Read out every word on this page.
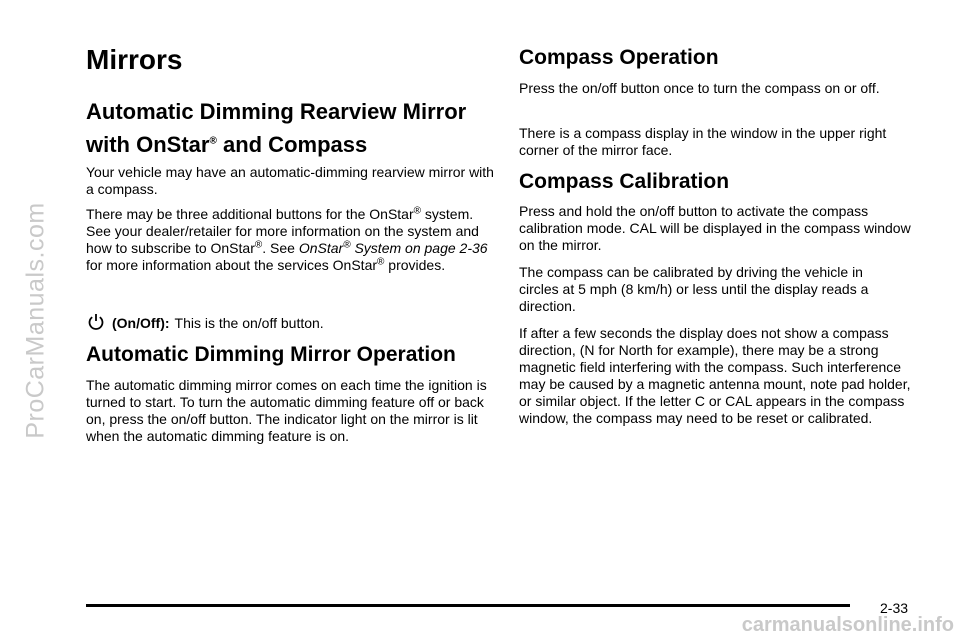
ProCarManuals.com
Mirrors
Automatic Dimming Rearview Mirror with OnStar® and Compass

Your vehicle may have an automatic-dimming rearview mirror with a compass.

There may be three additional buttons for the OnStar® system. See your dealer/retailer for more information on the system and how to subscribe to OnStar®. See OnStar® System on page 2-36 for more information about the services OnStar® provides.

(On/Off): This is the on/off button.

Automatic Dimming Mirror Operation

The automatic dimming mirror comes on each time the ignition is turned to start. To turn the automatic dimming feature off or back on, press the on/off button. The indicator light on the mirror is lit when the automatic dimming feature is on.

Compass Operation

Press the on/off button once to turn the compass on or off.

There is a compass display in the window in the upper right corner of the mirror face.

Compass Calibration

Press and hold the on/off button to activate the compass calibration mode. CAL will be displayed in the compass window on the mirror.

The compass can be calibrated by driving the vehicle in circles at 5 mph (8 km/h) or less until the display reads a direction.

If after a few seconds the display does not show a compass direction, (N for North for example), there may be a strong magnetic field interfering with the compass. Such interference may be caused by a magnetic antenna mount, note pad holder, or similar object. If the letter C or CAL appears in the compass window, the compass may need to be reset or calibrated.

2-33
carmanualsonline.info
